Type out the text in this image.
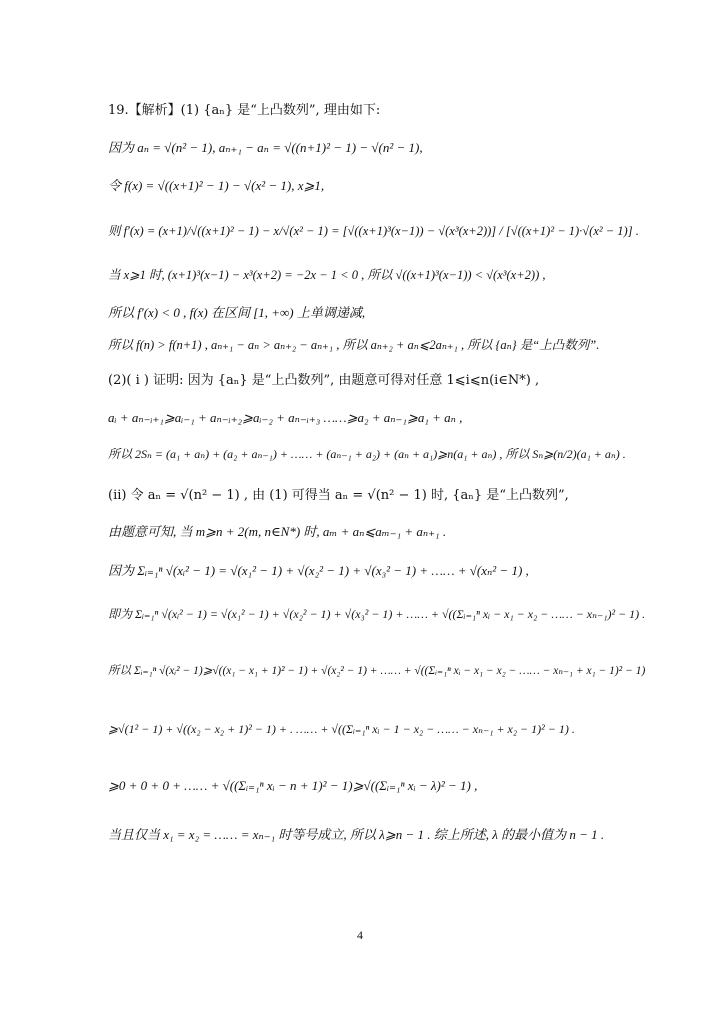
19.【解析】(1) {aₙ} 是“上凸数列”, 理由如下:
因为 aₙ = √(n² − 1), aₙ₊₁ − aₙ = √((n+1)² − 1) − √(n² − 1),
令 f(x) = √((x+1)² − 1) − √(x² − 1), x⩾1,
则 f′(x) = (x+1)/√((x+1)² − 1) − x/√(x² − 1) = [√((x+1)³(x−1)) − √(x³(x+2))] / [√((x+1)² − 1)·√(x² − 1)] .
当 x⩾1 时, (x+1)³(x−1) − x³(x+2) = −2x − 1 < 0 , 所以 √((x+1)³(x−1)) < √(x³(x+2)) ,
所以 f′(x) < 0 , f(x) 在区间 [1, +∞) 上单调递减,
所以 f(n) > f(n+1) , aₙ₊₁ − aₙ > aₙ₊₂ − aₙ₊₁ , 所以 aₙ₊₂ + aₙ⩽2aₙ₊₁ , 所以 {aₙ} 是“上凸数列”.
(2)( i ) 证明: 因为 {aₙ} 是“上凸数列”, 由题意可得对任意 1⩽i⩽n(i∈N*) ,
aᵢ + aₙ₋ᵢ₊₁⩾aᵢ₋₁ + aₙ₋ᵢ₊₂⩾aᵢ₋₂ + aₙ₋ᵢ₊₃ ……⩾a₂ + aₙ₋₁⩾a₁ + aₙ ,
所以 2Sₙ = (a₁ + aₙ) + (a₂ + aₙ₋₁) + …… + (aₙ₋₁ + a₂) + (aₙ + a₁)⩾n(a₁ + aₙ) , 所以 Sₙ⩾(n/2)(a₁ + aₙ) .
(ii) 令 aₙ = √(n² − 1) , 由 (1) 可得当 aₙ = √(n² − 1) 时, {aₙ} 是“上凸数列”,
由题意可知, 当 m⩾n + 2(m, n∈N*) 时, aₘ + aₙ⩽aₘ₋₁ + aₙ₊₁ .
因为 Σᵢ₌₁ⁿ √(xᵢ² − 1) = √(x₁² − 1) + √(x₂² − 1) + √(x₃² − 1) + …… + √(xₙ² − 1) ,
即为 Σᵢ₌₁ⁿ √(xᵢ² − 1) = √(x₁² − 1) + √(x₂² − 1) + √(x₃² − 1) + …… + √((Σᵢ₌₁ⁿ xᵢ − x₁ − x₂ − …… − xₙ₋₁)² − 1) .
所以 Σᵢ₌₁ⁿ √(xᵢ² − 1)⩾√((x₁ − x₁ + 1)² − 1) + √(x₂² − 1) + …… + √((Σᵢ₌₁ⁿ xᵢ − x₁ − x₂ − …… − xₙ₋₁ + x₁ − 1)² − 1)
⩾√(1² − 1) + √((x₂ − x₂ + 1)² − 1) + . …… + √((Σᵢ₌₁ⁿ xᵢ − 1 − x₂ − …… − xₙ₋₁ + x₂ − 1)² − 1) .
⩾0 + 0 + 0 + …… + √((Σᵢ₌₁ⁿ xᵢ − n + 1)² − 1)⩾√((Σᵢ₌₁ⁿ xᵢ − λ)² − 1) ,
当且仅当 x₁ = x₂ = …… = xₙ₋₁ 时等号成立, 所以 λ⩾n − 1 . 综上所述, λ 的最小值为 n − 1 .
4
